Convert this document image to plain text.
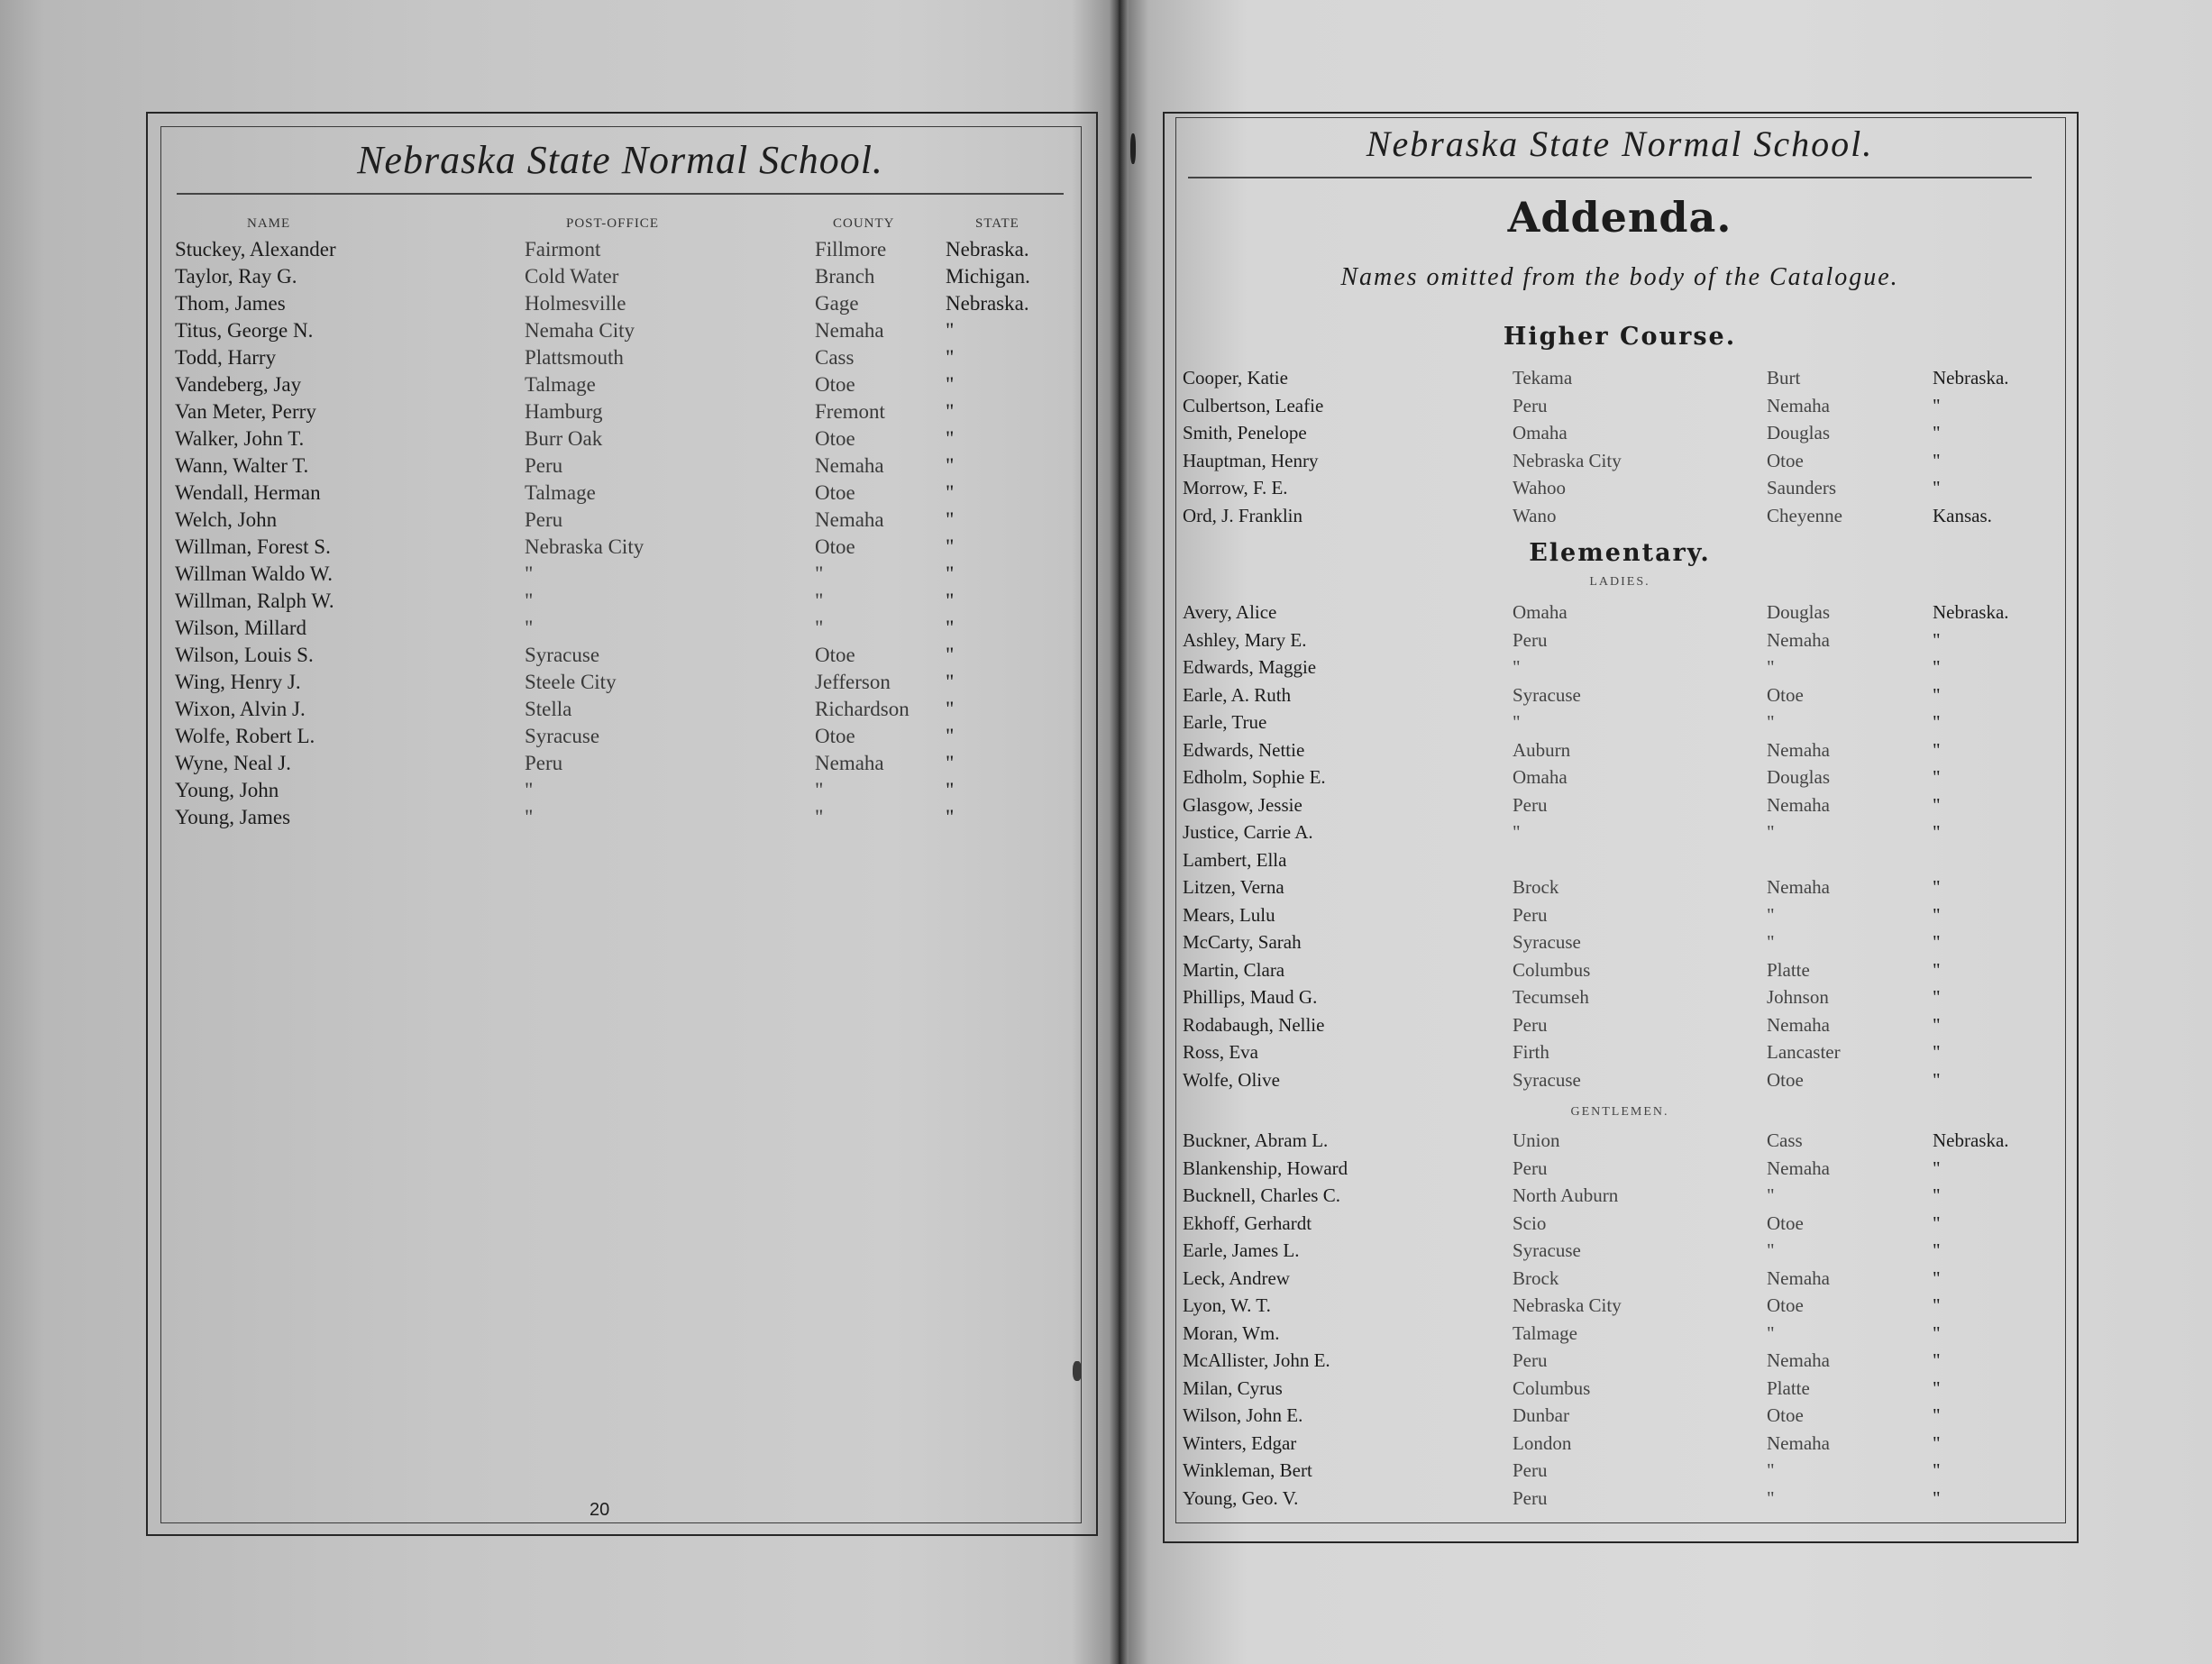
Nebraska State Normal School.
NAME	POST-OFFICE	COUNTY	STATE
Stuckey, Alexander	Fairmont	Fillmore	Nebraska.
Taylor, Ray G.	Cold Water	Branch	Michigan.
Thom, James	Holmesville	Gage	Nebraska.
Titus, George N.	Nemaha City	Nemaha	"
Todd, Harry	Plattsmouth	Cass	"
Vandeberg, Jay	Talmage	Otoe	"
Van Meter, Perry	Hamburg	Fremont	"
Walker, John T.	Burr Oak	Otoe	"
Wann, Walter T.	Peru	Nemaha	"
Wendall, Herman	Talmage	Otoe	"
Welch, John	Peru	Nemaha	"
Willman, Forest S.	Nebraska City	Otoe	"
Willman Waldo W.	"	"	"
Willman, Ralph W.	"	"	"
Wilson, Millard	"	"	"
Wilson, Louis S.	Syracuse	Otoe	"
Wing, Henry J.	Steele City	Jefferson	"
Wixon, Alvin J.	Stella	Richardson "
Wolfe, Robert L.	Syracuse	Otoe	"
Wyne, Neal J.	Peru	Nemaha	"
Young, John	"	"	"
Young, James	"	"	"
20
Nebraska State Normal School.
Addenda.
Names omitted from the body of the Catalogue.
Higher Course.
Cooper, Katie	Tekama	Burt	Nebraska.
Culbertson, Leafie	Peru	Nemaha	"
Smith, Penelope	Omaha	Douglas	"
Hauptman, Henry	Nebraska City	Otoe	"
Morrow, F. E.	Wahoo	Saunders	"
Ord, J. Franklin	Wano	Cheyenne	Kansas.
Elementary.
LADIES.
Avery, Alice	Omaha	Douglas	Nebraska.
Ashley, Mary E.	Peru	Nemaha	"
Edwards, Maggie	"	"	"
Earle, A. Ruth	Syracuse	Otoe	"
Earle, True	"	"	"
Edwards, Nettie	Auburn	Nemaha	"
Edholm, Sophie E.	Omaha	Douglas	"
Glasgow, Jessie	Peru	Nemaha	"
Justice, Carrie A.	"	"	"
Lambert, Ella
Litzen, Verna	Brock	Nemaha	"
Mears, Lulu	Peru	"	"
McCarty, Sarah	Syracuse	"	"
Martin, Clara	Columbus	Platte	"
Phillips, Maud G.	Tecumseh	Johnson	"
Rodabaugh, Nellie	Peru	Nemaha	"
Ross, Eva	Firth	Lancaster	"
Wolfe, Olive	Syracuse	Otoe	"
GENTLEMEN.
Buckner, Abram L.	Union	Cass	Nebraska.
Blankenship, Howard	Peru	Nemaha	"
Bucknell, Charles C.	North Auburn	"	"
Ekhoff, Gerhardt	Scio	Otoe	"
Earle, James L.	Syracuse	"	"
Leck, Andrew	Brock	Nemaha	"
Lyon, W. T.	Nebraska City	Otoe	"
Moran, Wm.	Talmage	"	"
McAllister, John E.	Peru	Nemaha	"
Milan, Cyrus	Columbus	Platte	"
Wilson, John E.	Dunbar	Otoe	"
Winters, Edgar	London	Nemaha	"
Winkleman, Bert	Peru	"	"
Young, Geo. V.	Peru	"	"
